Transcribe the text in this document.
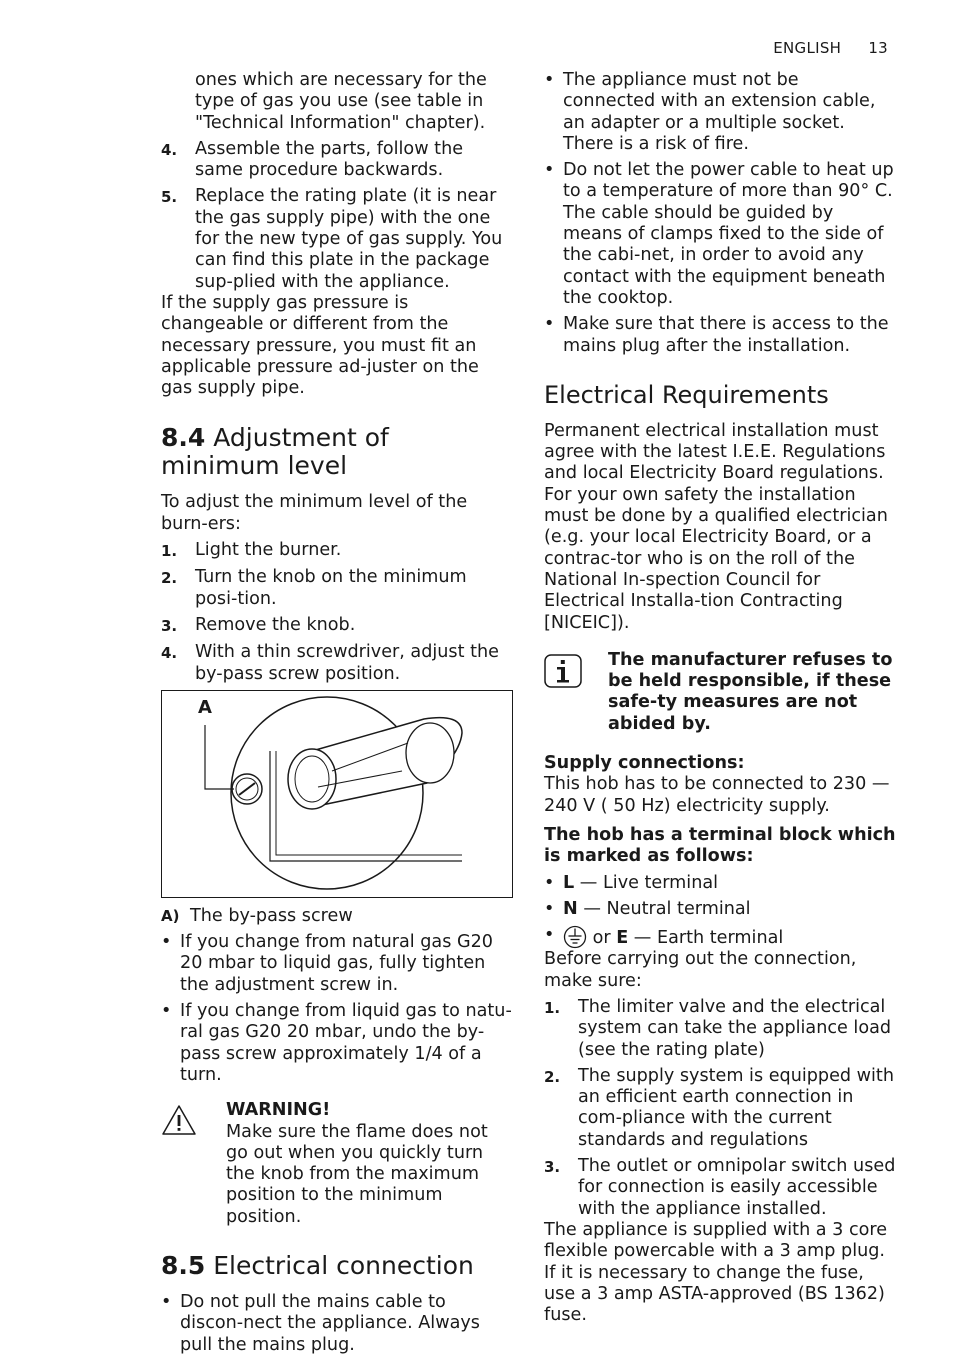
ENGLISH 13

ones which are necessary for the type of gas you use (see table in "Technical Information" chapter).

4.	Assemble the parts, follow the same procedure backwards.
5.	Replace the rating plate (it is near the gas supply pipe) with the one for the new type of gas supply. You can find this plate in the package sup-plied with the appliance.

If the supply gas pressure is changeable or different from the necessary pressure, you must fit an applicable pressure ad-juster on the gas supply pipe.

8.4 Adjustment of minimum level

To adjust the minimum level of the burn-ers:

1.	Light the burner.
2.	Turn the knob on the minimum posi-tion.
3.	Remove the knob.
4.	With a thin screwdriver, adjust the by-pass screw position.
A
A) The by-pass screw
• If you change from natural gas G20 20 mbar to liquid gas, fully tighten the adjustment screw in.
• If you change from liquid gas to natu-ral gas G20 20 mbar, undo the by-pass screw approximately 1/4 of a turn.

WARNING!

Make sure the flame does not go out when you quickly turn the knob from the maximum position to the minimum position.

8.5 Electrical connection
• Do not pull the mains cable to discon-nect the appliance. Always pull the mains plug.
• The appliance must not be connected with an extension cable, an adapter or a multiple socket. There is a risk of fire.
• Do not let the power cable to heat up to a temperature of more than 90° C. The cable should be guided by means of clamps fixed to the side of the cabi-net, in order to avoid any contact with the equipment beneath the cooktop.
• Make sure that there is access to the mains plug after the installation.
Electrical Requirements

Permanent electrical installation must agree with the latest I.E.E. Regulations and local Electricity Board regulations. For your own safety the installation must be done by a qualified electrician (e.g. your local Electricity Board, or a contrac-tor who is on the roll of the National In-spection Council for Electrical Installa-tion Contracting [NICEIC]).

The manufacturer refuses to be held responsible, if these safe-ty measures are not abided by.

Supply connections:

This hob has to be connected to 230 — 240 V ( 50 Hz) electricity supply.

The hob has a terminal block which is marked as follows:

• L — Live terminal
• N — Neutral terminal
•	or E — Earth terminal

Before carrying out the connection, make sure:

1.	The limiter valve and the electrical system can take the appliance load (see the rating plate)
2.	The supply system is equipped with an efficient earth connection in com-pliance with the current standards and regulations
3.	The outlet or omnipolar switch used for connection is easily accessible with the appliance installed.

The appliance is supplied with a 3 core flexible powercable with a 3 amp plug. If it is necessary to change the fuse, use a 3 amp ASTA-approved (BS 1362) fuse.
